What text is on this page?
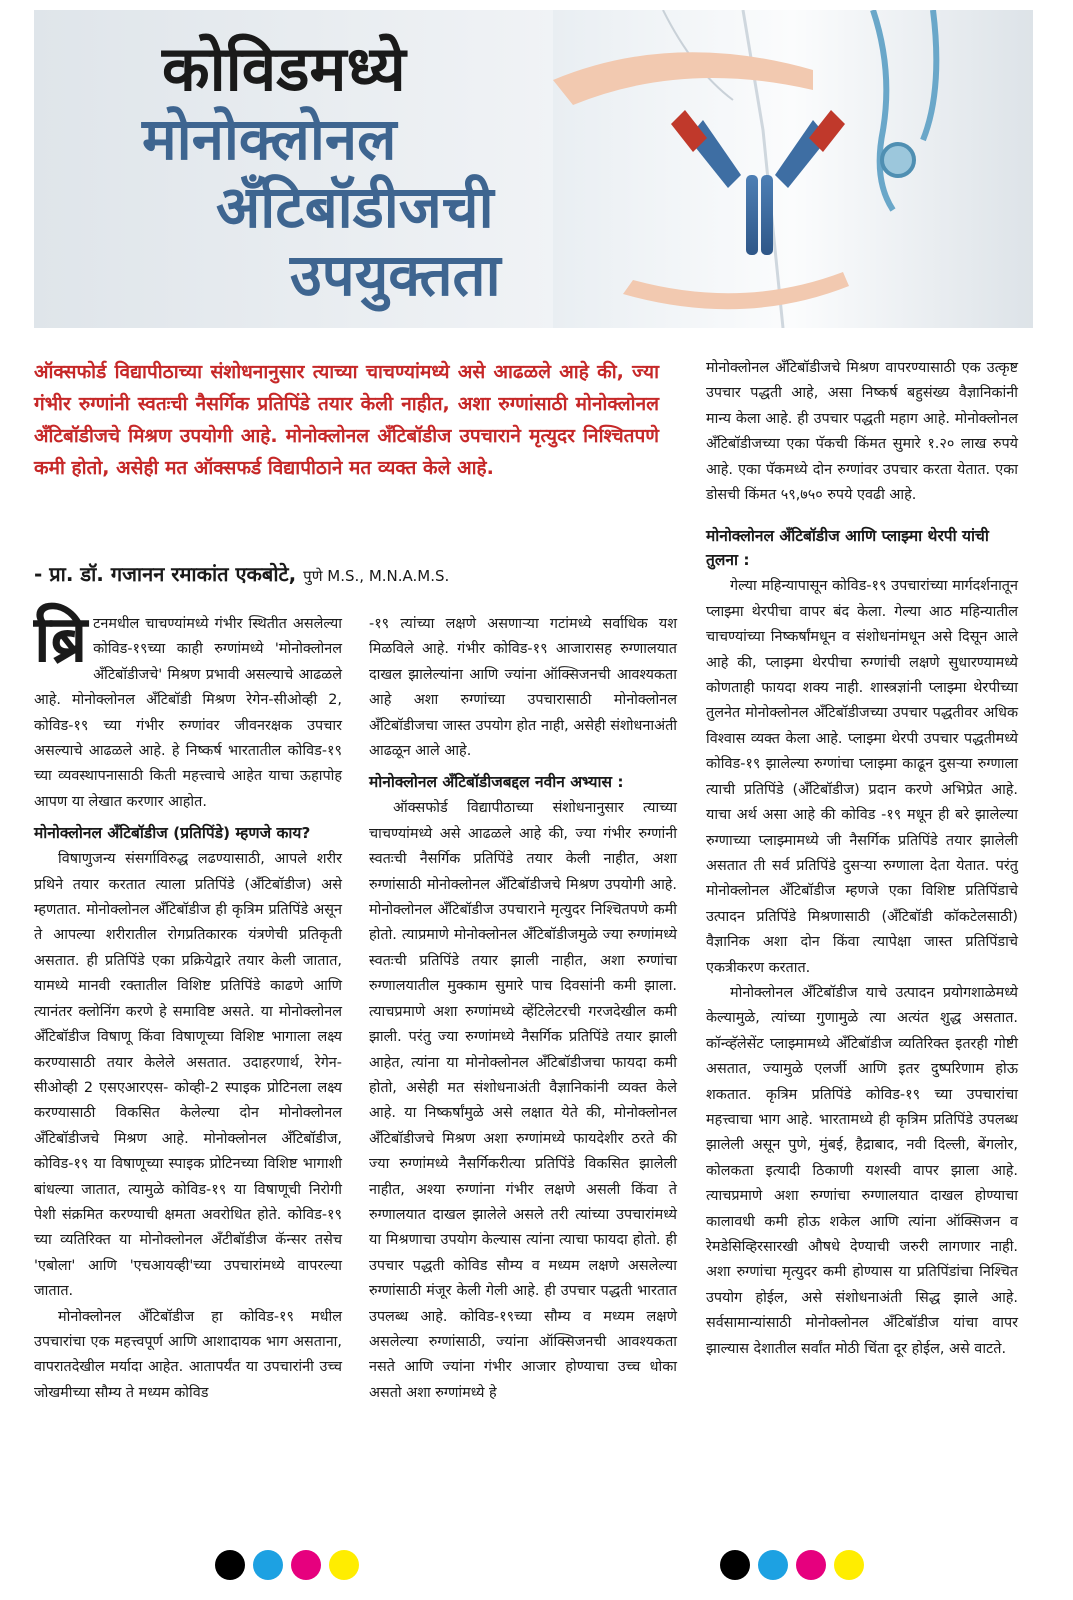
कोविडमध्ये
मोनोक्लोनल
अँटिबॉडीजची
उपयुक्तता

ऑक्सफोर्ड विद्यापीठाच्या संशोधनानुसार त्याच्या चाचण्यांमध्ये असे आढळले आहे की, ज्या गंभीर रुग्णांनी स्वतःची नैसर्गिक प्रतिपिंडे तयार केली नाहीत, अशा रुग्णांसाठी मोनोक्लोनल अँटिबॉडीजचे मिश्रण उपयोगी आहे. मोनोक्लोनल अँटिबॉडीज उपचाराने मृत्युदर निश्चितपणे कमी होतो, असेही मत ऑक्सफर्ड विद्यापीठाने मत व्यक्त केले आहे.

- प्रा. डॉ. गजानन रमाकांत एकबोटे, पुणे M.S., M.N.A.M.S.

ब्रि टनमधील चाचण्यांमध्ये गंभीर स्थितीत असलेल्या कोविड-१९च्या काही रुग्णांमध्ये 'मोनोक्लोनल अँटिबॉडीजचे' मिश्रण प्रभावी असल्याचे आढळले आहे. मोनोक्लोनल अँटिबॉडी मिश्रण रेगेन-सीओव्ही 2, कोविड-१९ च्या गंभीर रुग्णांवर जीवनरक्षक उपचार असल्याचे आढळले आहे. हे निष्कर्ष भारतातील कोविड-१९ च्या व्यवस्थापनासाठी किती महत्त्वाचे आहेत याचा ऊहापोह आपण या लेखात करणार आहोत.

मोनोक्लोनल अँटिबॉडीज (प्रतिपिंडे) म्हणजे काय?

विषाणुजन्य संसर्गाविरुद्ध लढण्यासाठी, आपले शरीर प्रथिने तयार करतात त्याला प्रतिपिंडे (अँटिबॉडीज) असे म्हणतात. मोनोक्लोनल अँटिबॉडीज ही कृत्रिम प्रतिपिंडे असून ते आपल्या शरीरातील रोगप्रतिकारक यंत्रणेची प्रतिकृती असतात. ही प्रतिपिंडे एका प्रक्रियेद्वारे तयार केली जातात, यामध्ये मानवी रक्तातील विशिष्ट प्रतिपिंडे काढणे आणि त्यानंतर क्लोनिंग करणे हे समाविष्ट असते. या मोनोक्लोनल अँटिबॉडीज विषाणू किंवा विषाणूच्या विशिष्ट भागाला लक्ष्य करण्यासाठी तयार केलेले असतात. उदाहरणार्थ, रेगेन-सीओव्ही 2 एसएआरएस- कोव्ही-2 स्पाइक प्रोटिनला लक्ष्य करण्यासाठी विकसित केलेल्या दोन मोनोक्लोनल अँटिबॉडीजचे मिश्रण आहे. मोनोक्लोनल अँटिबॉडीज, कोविड-१९ या विषाणूच्या स्पाइक प्रोटिनच्या विशिष्ट भागाशी बांधल्या जातात, त्यामुळे कोविड-१९ या विषाणूची निरोगी पेशी संक्रमित करण्याची क्षमता अवरोधित होते. कोविड-१९ च्या व्यतिरिक्त या मोनोक्लोनल अँटीबॉडीज कॅन्सर तसेच 'एबोला' आणि 'एचआयव्ही'च्या उपचारांमध्ये वापरल्या जातात.

मोनोक्लोनल अँटिबॉडीज हा कोविड-१९ मधील उपचारांचा एक महत्त्वपूर्ण आणि आशादायक भाग असताना, वापरातदेखील मर्यादा आहेत. आतापर्यंत या उपचारांनी उच्च जोखमीच्या सौम्य ते मध्यम कोविड

-१९ त्यांच्या लक्षणे असणाऱ्या गटांमध्ये सर्वाधिक यश मिळविले आहे. गंभीर कोविड-१९ आजारासह रुग्णालयात दाखल झालेल्यांना आणि ज्यांना ऑक्सिजनची आवश्यकता आहे अशा रुग्णांच्या उपचारासाठी मोनोक्लोनल अँटिबॉडीजचा जास्त उपयोग होत नाही, असेही संशोधनाअंती आढळून आले आहे.

मोनोक्लोनल अँटिबॉडीजबद्दल नवीन अभ्यास :

ऑक्सफोर्ड विद्यापीठाच्या संशोधनानुसार त्याच्या चाचण्यांमध्ये असे आढळले आहे की, ज्या गंभीर रुग्णांनी स्वतःची नैसर्गिक प्रतिपिंडे तयार केली नाहीत, अशा रुग्णांसाठी मोनोक्लोनल अँटिबॉडीजचे मिश्रण उपयोगी आहे. मोनोक्लोनल अँटिबॉडीज उपचाराने मृत्युदर निश्चितपणे कमी होतो. त्याप्रमाणे मोनोक्लोनल अँटिबॉडीजमुळे ज्या रुग्णांमध्ये स्वतःची प्रतिपिंडे तयार झाली नाहीत, अशा रुग्णांचा रुग्णालयातील मुक्काम सुमारे पाच दिवसांनी कमी झाला. त्याचप्रमाणे अशा रुग्णांमध्ये व्हेंटिलेटरची गरजदेखील कमी झाली. परंतु ज्या रुग्णांमध्ये नैसर्गिक प्रतिपिंडे तयार झाली आहेत, त्यांना या मोनोक्लोनल अँटिबॉडीजचा फायदा कमी होतो, असेही मत संशोधनाअंती वैज्ञानिकांनी व्यक्त केले आहे. या निष्कर्षांमुळे असे लक्षात येते की, मोनोक्लोनल अँटिबॉडीजचे मिश्रण अशा रुग्णांमध्ये फायदेशीर ठरते की ज्या रुग्णांमध्ये नैसर्गिकरीत्या प्रतिपिंडे विकसित झालेली नाहीत, अश्या रुग्णांना गंभीर लक्षणे असली किंवा ते रुग्णालयात दाखल झालेले असले तरी त्यांच्या उपचारांमध्ये या मिश्रणाचा उपयोग केल्यास त्यांना त्याचा फायदा होतो. ही उपचार पद्धती कोविड सौम्य व मध्यम लक्षणे असलेल्या रुग्णांसाठी मंजूर केली गेली आहे. ही उपचार पद्धती भारतात उपलब्ध आहे. कोविड-१९च्या सौम्य व मध्यम लक्षणे असलेल्या रुग्णांसाठी, ज्यांना ऑक्सिजनची आवश्यकता नसते आणि ज्यांना गंभीर आजार होण्याचा उच्च धोका असतो अशा रुग्णांमध्ये हे

मोनोक्लोनल अँटिबॉडीजचे मिश्रण वापरण्यासाठी एक उत्कृष्ट उपचार पद्धती आहे, असा निष्कर्ष बहुसंख्य वैज्ञानिकांनी मान्य केला आहे. ही उपचार पद्धती महाग आहे. मोनोक्लोनल अँटिबॉडीजच्या एका पॅकची किंमत सुमारे १.२० लाख रुपये आहे. एका पॅकमध्ये दोन रुग्णांवर उपचार करता येतात. एका डोसची किंमत ५९,७५० रुपये एवढी आहे.

मोनोक्लोनल अँटिबॉडीज आणि प्लाझ्मा थेरपी यांची तुलना :

गेल्या महिन्यापासून कोविड-१९ उपचारांच्या मार्गदर्शनातून प्लाझ्मा थेरपीचा वापर बंद केला. गेल्या आठ महिन्यातील चाचण्यांच्या निष्कर्षांमधून व संशोधनांमधून असे दिसून आले आहे की, प्लाझ्मा थेरपीचा रुग्णांची लक्षणे सुधारण्यामध्ये कोणताही फायदा शक्य नाही. शास्त्रज्ञांनी प्लाझ्मा थेरपीच्या तुलनेत मोनोक्लोनल अँटिबॉडीजच्या उपचार पद्धतीवर अधिक विश्वास व्यक्त केला आहे. प्लाझ्मा थेरपी उपचार पद्धतीमध्ये कोविड-१९ झालेल्या रुग्णांचा प्लाझ्मा काढून दुसऱ्या रुग्णाला त्याची प्रतिपिंडे (अँटिबॉडीज) प्रदान करणे अभिप्रेत आहे. याचा अर्थ असा आहे की कोविड -१९ मधून ही बरे झालेल्या रुग्णाच्या प्लाझ्मामध्ये जी नैसर्गिक प्रतिपिंडे तयार झालेली असतात ती सर्व प्रतिपिंडे दुसऱ्या रुग्णाला देता येतात. परंतु मोनोक्लोनल अँटिबॉडीज म्हणजे एका विशिष्ट प्रतिपिंडाचे उत्पादन प्रतिपिंडे मिश्रणासाठी (अँटिबॉडी कॉकटेलसाठी) वैज्ञानिक अशा दोन किंवा त्यापेक्षा जास्त प्रतिपिंडाचे एकत्रीकरण करतात.

मोनोक्लोनल अँटिबॉडीज याचे उत्पादन प्रयोगशाळेमध्ये केल्यामुळे, त्यांच्या गुणामुळे त्या अत्यंत शुद्ध असतात. कॉन्व्हॅलेसेंट प्लाझ्मामध्ये अँटिबॉडीज व्यतिरिक्त इतरही गोष्टी असतात, ज्यामुळे एलर्जी आणि इतर दुष्परिणाम होऊ शकतात. कृत्रिम प्रतिपिंडे कोविड-१९ च्या उपचारांचा महत्त्वाचा भाग आहे. भारतामध्ये ही कृत्रिम प्रतिपिंडे उपलब्ध झालेली असून पुणे, मुंबई, हैद्राबाद, नवी दिल्ली, बेंगलोर, कोलकता इत्यादी ठिकाणी यशस्वी वापर झाला आहे. त्याचप्रमाणे अशा रुग्णांचा रुग्णालयात दाखल होण्याचा कालावधी कमी होऊ शकेल आणि त्यांना ऑक्सिजन व रेमडेसिव्हिरसारखी औषधे देण्याची जरुरी लागणार नाही. अशा रुग्णांचा मृत्युदर कमी होण्यास या प्रतिपिंडांचा निश्चित उपयोग होईल, असे संशोधनाअंती सिद्ध झाले आहे. सर्वसामान्यांसाठी मोनोक्लोनल अँटिबॉडीज यांचा वापर झाल्यास देशातील सर्वांत मोठी चिंता दूर होईल, असे वाटते.
